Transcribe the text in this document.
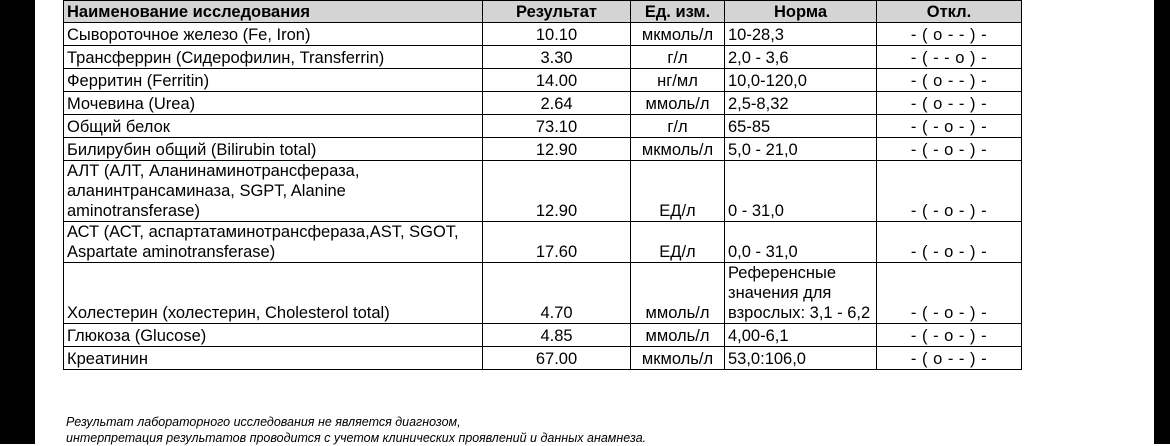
Наименование исследования	Результат	Ед. изм.	Норма	Откл.
Сывороточное железо (Fe, Iron)	10.10	мкмоль/л	10-28,3	- ( о - - ) -
Трансферрин (Сидерофилин, Transferrin)	3.30	г/л	2,0 - 3,6	- ( - - о ) -
Ферритин (Ferritin)	14.00	нг/мл	10,0-120,0	- ( о - - ) -
Мочевина (Urea)	2.64	ммоль/л	2,5-8,32	- ( о - - ) -
Общий белок	73.10	г/л	65-85	- ( - о - ) -
Билирубин общий (Bilirubin total)	12.90	мкмоль/л	5,0 - 21,0	- ( - о - ) -
АЛТ (АЛТ, Аланинаминотрансфераза, аланинтрансаминаза, SGPT, Alanine aminotransferase)	12.90	ЕД/л	0 - 31,0	- ( - о - ) -
АСТ (АСТ, аспартатаминотрансфераза,AST, SGOT, Aspartate aminotransferase)	17.60	ЕД/л	0,0 - 31,0	- ( - о - ) -
Холестерин (холестерин, Cholesterol total)	4.70	ммоль/л	Референсные значения для взрослых: 3,1 - 6,2	- ( - о - ) -
Глюкоза (Glucose)	4.85	ммоль/л	4,00-6,1	- ( - о - ) -
Креатинин	67.00	мкмоль/л	53,0:106,0	- ( о - - ) -
Результат лабораторного исследования не является диагнозом,
интерпретация результатов проводится с учетом клинических проявлений и данных анамнеза.
